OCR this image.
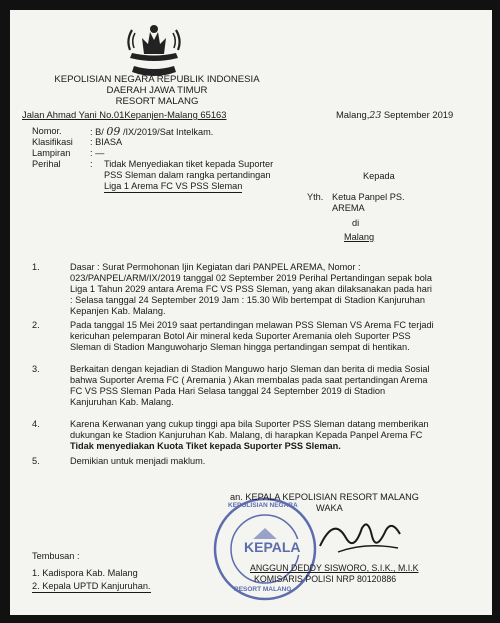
KEPOLISIAN NEGARA REPUBLIK INDONESIA
DAERAH JAWA TIMUR
RESORT MALANG
Jalan Ahmad Yani No.01Kepanjen-Malang 65163	Malang,23 September 2019
Nomor.	: B/ 09 /IX/2019/Sat Intelkam.
Klasifikasi : BIASA
Lampiran : —
Perihal	: Tidak Menyediakan tiket kepada Suporter
PSS Sleman dalam rangka pertandingan
Liga 1 Arema FC VS PSS Sleman
Kepada
Yth. Ketua Panpel PS.
AREMA
di
Malang
1.	Dasar : Surat Permohonan Ijin Kegiatan dari PANPEL AREMA, Nomor :
023/PANPEL/ARM/IX/2019 tanggal 02 September 2019 Perihal Pertandingan sepak bola
Liga 1 Tahun 2029 antara Arema FC VS PSS Sleman, yang akan dilaksanakan pada hari
: Selasa tanggal 24 September 2019 Jam : 15.30 Wib bertempat di Stadion Kanjuruhan
Kepanjen Kab. Malang.
2.	Pada tanggal 15 Mei 2019 saat pertandingan melawan PSS Sleman VS Arema FC terjadi
kericuhan pelemparan Botol Air mineral keda Suporter Aremania oleh Suporter PSS
Sleman di Stadion Manguwoharjo Sleman hingga pertandingan sempat di hentikan.
3.	Berkaitan dengan kejadian di Stadion Manguwo harjo Sleman dan berita di media Sosial
bahwa Suporter Arema FC ( Aremania ) Akan membalas pada saat pertandingan Arema
FC VS PSS Sleman Pada Hari Selasa tanggal 24 September 2019 di Stadion
Kanjuruhan Kab. Malang.
4.	Karena Kerwanan yang cukup tinggi apa bila Suporter PSS Sleman datang memberikan
dukungan ke Stadion Kanjuruhan Kab. Malang, di harapkan Kepada Panpel Arema FC
Tidak menyediakan Kuota Tiket kepada Suporter PSS Sleman.
5.	Demikian untuk menjadi maklum.
KEPALA
KEPOLISIAN NEGARA
RESORT MALANG
an. KEPALA KEPOLISIAN RESORT MALANG
WAKA
ANGGUN DEDDY SISWORO, S.I.K., M.I.K
KOMISARIS POLISI NRP 80120886
Tembusan :
1. Kadispora Kab. Malang
2. Kepala UPTD Kanjuruhan.
